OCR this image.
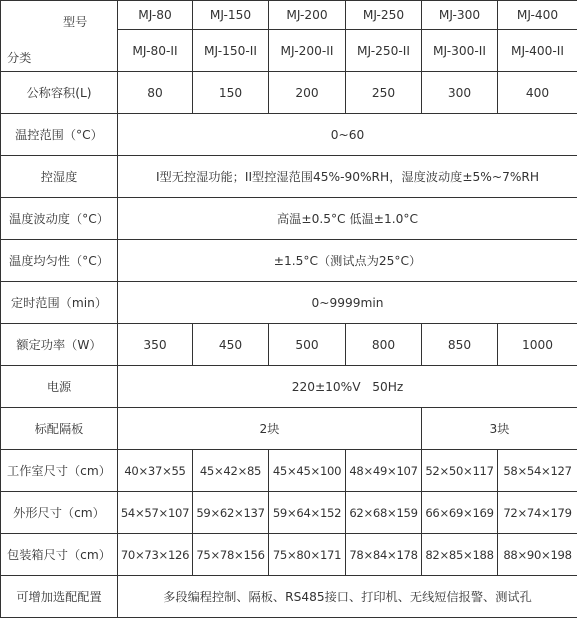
型号
分类	MJ-80	MJ-150	MJ-200	MJ-250	MJ-300	MJ-400
	MJ-80-II	MJ-150-II	MJ-200-II	MJ-250-II	MJ-300-II	MJ-400-II
公称容积(L)	80	150	200	250	300	400
温控范围（°C）	0~60					
控湿度	I型无控湿功能；II型控湿范围45%-90%RH，湿度波动度±5%~7%RH					
温度波动度（°C）	高温±0.5°C 低温±1.0°C					
温度均匀性（°C）	±1.5°C（测试点为25°C）					
定时范围（min）	0~9999min					
额定功率（W）	350	450	500	800	850	1000
电源	220±10%V   50Hz					
标配隔板	2块				3块	
工作室尺寸（cm）	40×37×55	45×42×85	45×45×100	48×49×107	52×50×117	58×54×127
外形尺寸（cm）	54×57×107	59×62×137	59×64×152	62×68×159	66×69×169	72×74×179
包装箱尺寸（cm）	70×73×126	75×78×156	75×80×171	78×84×178	82×85×188	88×90×198
可增加选配配置	多段编程控制、隔板、RS485接口、打印机、无线短信报警、测试孔					
